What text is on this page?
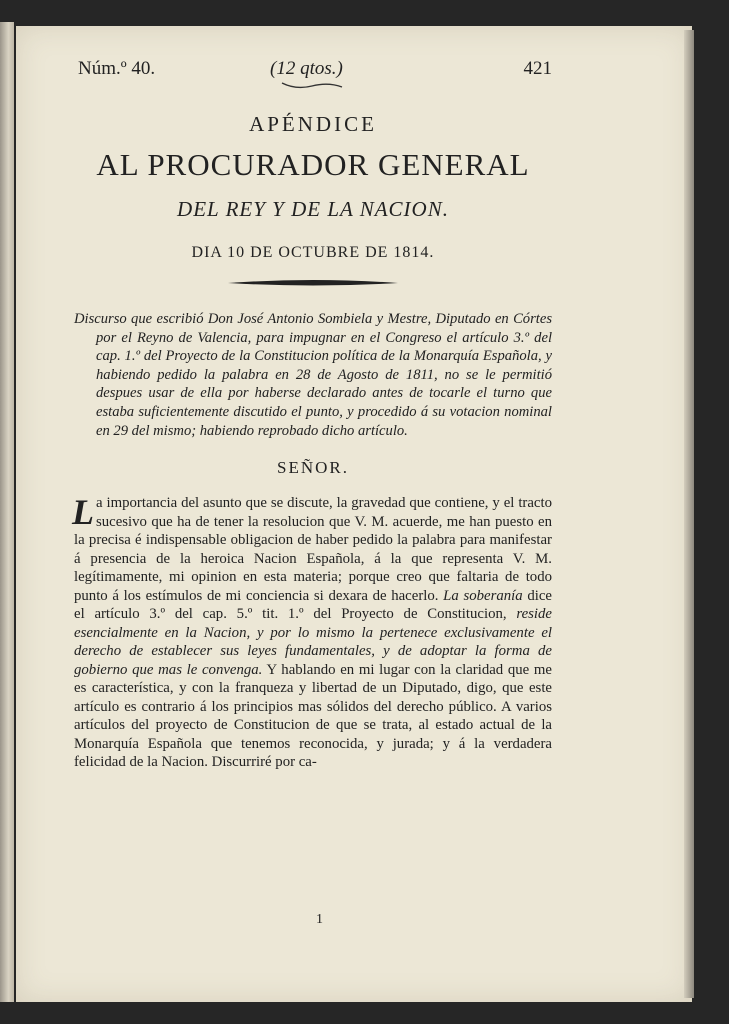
Núm.º 40.	(12 qtos.)	421
APÉNDICE
AL PROCURADOR GENERAL
DEL REY Y DE LA NACION.
DIA 10 DE OCTUBRE DE 1814.
Discurso que escribió Don José Antonio Sombiela y Mestre, Diputado en Córtes por el Reyno de Valencia, para impugnar en el Congreso el artículo 3.º del cap. 1.º del Proyecto de la Constitucion política de la Monarquía Española, y habiendo pedido la palabra en 28 de Agosto de 1811, no se le permitió despues usar de ella por haberse declarado antes de tocarle el turno que estaba suficientemente discutido el punto, y procedido á su votacion nominal en 29 del mismo; habiendo reprobado dicho artículo.
SEÑOR.
La importancia del asunto que se discute, la gravedad que contiene, y el tracto sucesivo que ha de tener la resolucion que V. M. acuerde, me han puesto en la precisa é indispensable obligacion de haber pedido la palabra para manifestar á presencia de la heroica Nacion Española, á la que representa V. M. legítimamente, mi opinion en esta materia; porque creo que faltaria de todo punto á los estímulos de mi conciencia si dexara de hacerlo. La soberanía dice el artículo 3.º del cap. 5.º tit. 1.º del Proyecto de Constitucion, reside esencialmente en la Nacion, y por lo mismo la pertenece exclusivamente el derecho de establecer sus leyes fundamentales, y de adoptar la forma de gobierno que mas le convenga. Y hablando en mi lugar con la claridad que me es característica, y con la franqueza y libertad de un Diputado, digo, que este artículo es contrario á los principios mas sólidos del derecho público. A varios artículos del proyecto de Constitucion de que se trata, al estado actual de la Monarquía Española que tenemos reconocida, y jurada; y á la verdadera felicidad de la Nacion. Discurriré por ca-
1
